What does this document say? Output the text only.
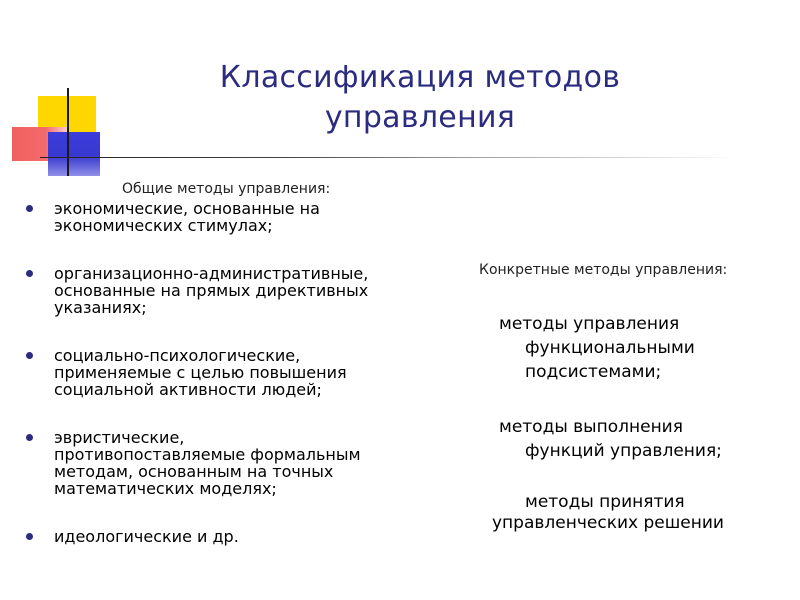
Классификация методов
управления
Общие методы управления:
экономические, основанные на
экономических стимулах;
организационно-административные,
основанные на прямых директивных
указаниях;
социально-психологические,
применяемые с целью повышения
социальной активности людей;
эвристические,
противопоставляемые формальным
методам, основанным на точных
математических моделях;
идеологические и др.
Конкретные методы управления:
методы управления
функциональными
подсистемами;
методы выполнения
функций управления;
методы принятия
управленческих решении
